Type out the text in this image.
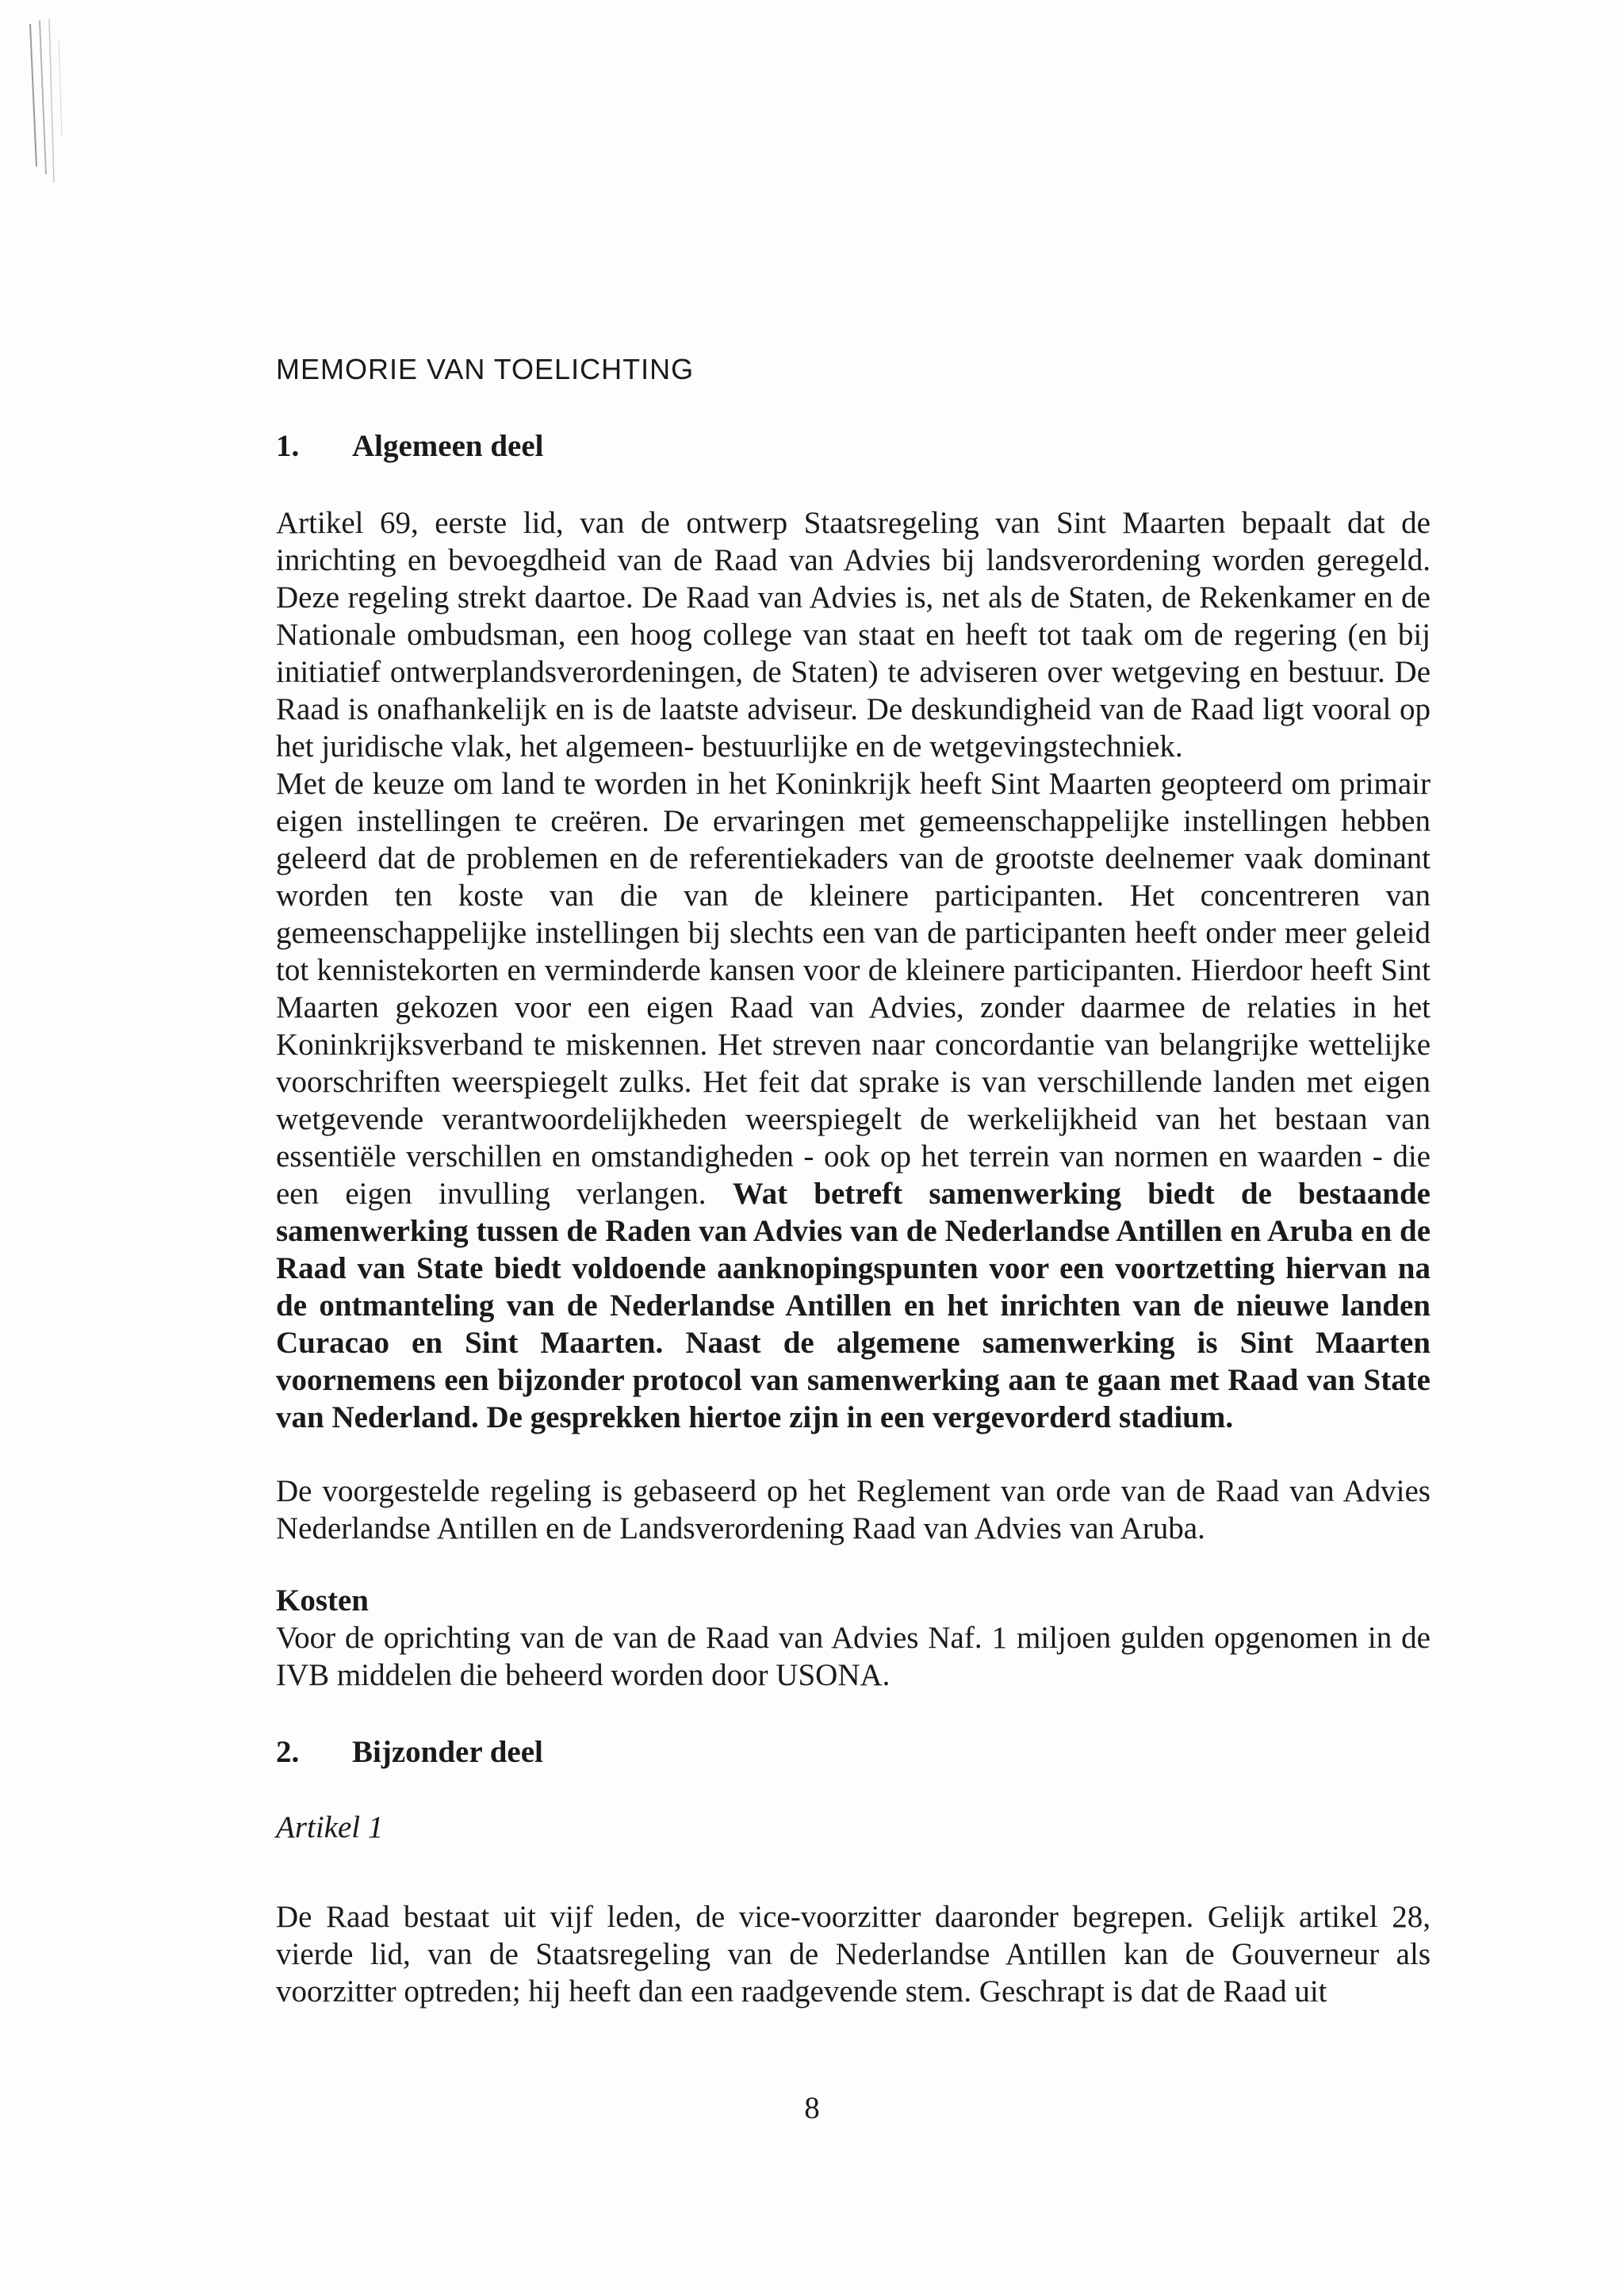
MEMORIE VAN TOELICHTING
1. Algemeen deel
Artikel 69, eerste lid, van de ontwerp Staatsregeling van Sint Maarten bepaalt dat de inrichting en bevoegdheid van de Raad van Advies bij landsverordening worden geregeld. Deze regeling strekt daartoe. De Raad van Advies is, net als de Staten, de Rekenkamer en de Nationale ombudsman, een hoog college van staat en heeft tot taak om de regering (en bij initiatief ontwerplandsverordeningen, de Staten) te adviseren over wetgeving en bestuur. De Raad is onafhankelijk en is de laatste adviseur. De deskundigheid van de Raad ligt vooral op het juridische vlak, het algemeen- bestuurlijke en de wetgevingstechniek.
Met de keuze om land te worden in het Koninkrijk heeft Sint Maarten geopteerd om primair eigen instellingen te creëren. De ervaringen met gemeenschappelijke instellingen hebben geleerd dat de problemen en de referentiekaders van de grootste deelnemer vaak dominant worden ten koste van die van de kleinere participanten. Het concentreren van gemeenschappelijke instellingen bij slechts een van de participanten heeft onder meer geleid tot kennistekorten en verminderde kansen voor de kleinere participanten. Hierdoor heeft Sint Maarten gekozen voor een eigen Raad van Advies, zonder daarmee de relaties in het Koninkrijksverband te miskennen. Het streven naar concordantie van belangrijke wettelijke voorschriften weerspiegelt zulks. Het feit dat sprake is van verschillende landen met eigen wetgevende verantwoordelijkheden weerspiegelt de werkelijkheid van het bestaan van essentiële verschillen en omstandigheden - ook op het terrein van normen en waarden - die een eigen invulling verlangen. Wat betreft samenwerking biedt de bestaande samenwerking tussen de Raden van Advies van de Nederlandse Antillen en Aruba en de Raad van State biedt voldoende aanknopingspunten voor een voortzetting hiervan na de ontmanteling van de Nederlandse Antillen en het inrichten van de nieuwe landen Curacao en Sint Maarten. Naast de algemene samenwerking is Sint Maarten voornemens een bijzonder protocol van samenwerking aan te gaan met Raad van State van Nederland. De gesprekken hiertoe zijn in een vergevorderd stadium.
De voorgestelde regeling is gebaseerd op het Reglement van orde van de Raad van Advies Nederlandse Antillen en de Landsverordening Raad van Advies van Aruba.
Kosten
Voor de oprichting van de van de Raad van Advies Naf. 1 miljoen gulden opgenomen in de IVB middelen die beheerd worden door USONA.
2. Bijzonder deel
Artikel 1
De Raad bestaat uit vijf leden, de vice-voorzitter daaronder begrepen. Gelijk artikel 28, vierde lid, van de Staatsregeling van de Nederlandse Antillen kan de Gouverneur als voorzitter optreden; hij heeft dan een raadgevende stem. Geschrapt is dat de Raad uit
8
